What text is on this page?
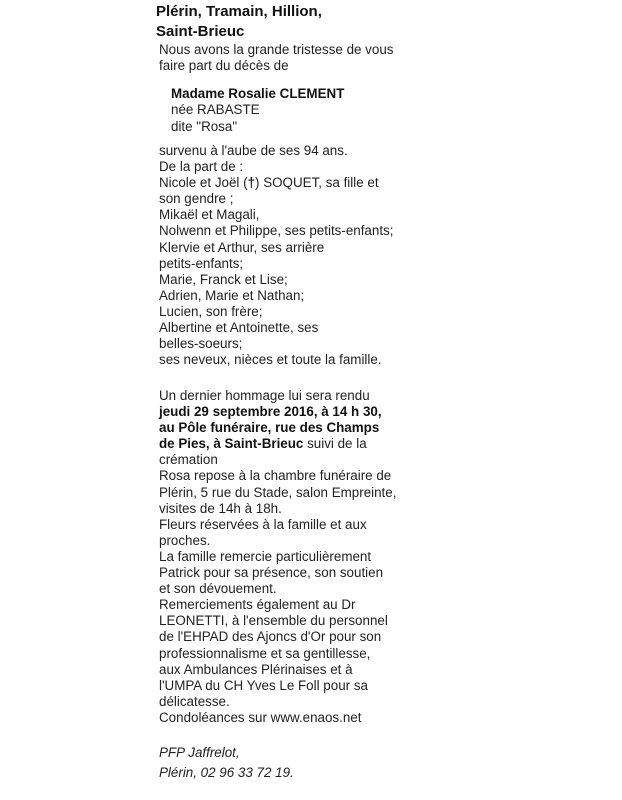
Plérin, Tramain, Hillion,
Saint-Brieuc
Nous avons la grande tristesse de vous
faire part du décès de
Madame Rosalie CLEMENT
née RABASTE
dite "Rosa"
survenu à l'aube de ses 94 ans.
De la part de :
Nicole et Joël (†) SOQUET, sa fille et
son gendre ;
Mikaël et Magali,
Nolwenn et Philippe, ses petits-enfants;
Klervie et Arthur, ses arrière
petits-enfants;
Marie, Franck et Lise;
Adrien, Marie et Nathan;
Lucien, son frère;
Albertine et Antoinette, ses
belles-soeurs;
ses neveux, nièces et toute la famille.
Un dernier hommage lui sera rendu
jeudi 29 septembre 2016, à 14 h 30,
au Pôle funéraire, rue des Champs
de Pies, à Saint-Brieuc suivi de la
crémation
Rosa repose à la chambre funéraire de
Plérin, 5 rue du Stade, salon Empreinte,
visites de 14h à 18h.
Fleurs réservées à la famille et aux
proches.
La famille remercie particulièrement
Patrick pour sa présence, son soutien
et son dévouement.
Remerciements également au Dr
LEONETTI, à l'ensemble du personnel
de l'EHPAD des Ajoncs d'Or pour son
professionnalisme et sa gentillesse,
aux Ambulances Plérinaises et à
l'UMPA du CH Yves Le Foll pour sa
délicatesse.
Condoléances sur www.enaos.net
PFP Jaffrelot,
Plérin, 02 96 33 72 19.
